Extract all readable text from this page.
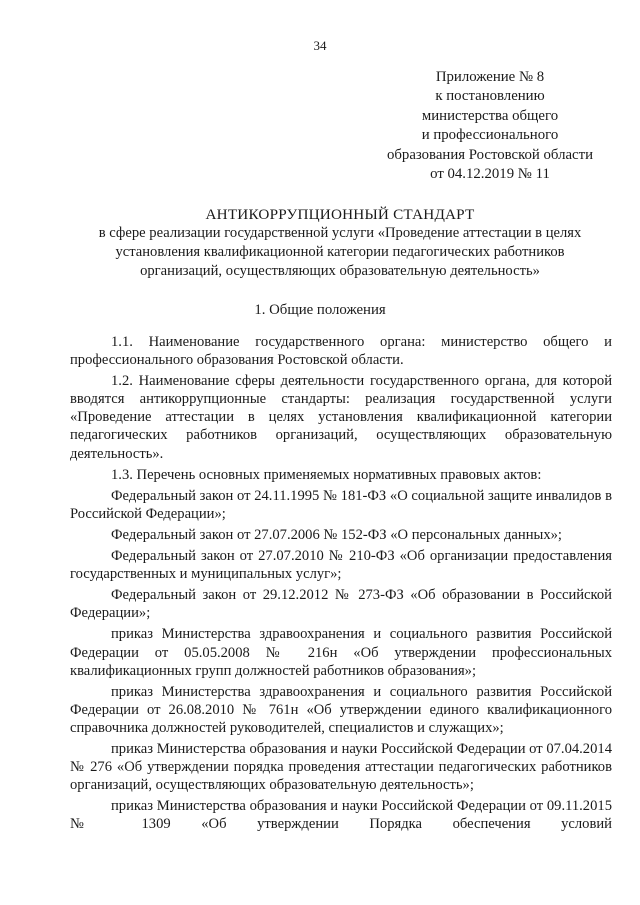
34
Приложение № 8
к постановлению
министерства общего
и профессионального
образования Ростовской области
от 04.12.2019 № 11
АНТИКОРРУПЦИОННЫЙ СТАНДАРТ
в сфере реализации государственной услуги «Проведение аттестации в целях
установления квалификационной категории педагогических работников
организаций, осуществляющих образовательную деятельность»
1. Общие положения

1.1. Наименование государственного органа: министерство общего и профессионального образования Ростовской области.

1.2. Наименование сферы деятельности государственного органа, для которой вводятся антикоррупционные стандарты: реализация государственной услуги «Проведение аттестации в целях установления квалификационной категории педагогических работников организаций, осуществляющих образовательную деятельность».

1.3. Перечень основных применяемых нормативных правовых актов:

Федеральный закон от 24.11.1995 № 181-ФЗ «О социальной защите инвалидов в Российской Федерации»;

Федеральный закон от 27.07.2006 № 152-ФЗ «О персональных данных»;

Федеральный закон от 27.07.2010 № 210-ФЗ «Об организации предоставления государственных и муниципальных услуг»;

Федеральный закон от 29.12.2012 № 273-ФЗ «Об образовании в Российской Федерации»;

приказ Министерства здравоохранения и социального развития Российской Федерации от 05.05.2008 № 216н «Об утверждении профессиональных квалификационных групп должностей работников образования»;

приказ Министерства здравоохранения и социального развития Российской Федерации от 26.08.2010 № 761н «Об утверждении единого квалификационного справочника должностей руководителей, специалистов и служащих»;

приказ Министерства образования и науки Российской Федерации от 07.04.2014 № 276 «Об утверждении порядка проведения аттестации педагогических работников организаций, осуществляющих образовательную деятельность»;

приказ Министерства образования и науки Российской Федерации от 09.11.2015 № 1309 «Об утверждении Порядка обеспечения условий
